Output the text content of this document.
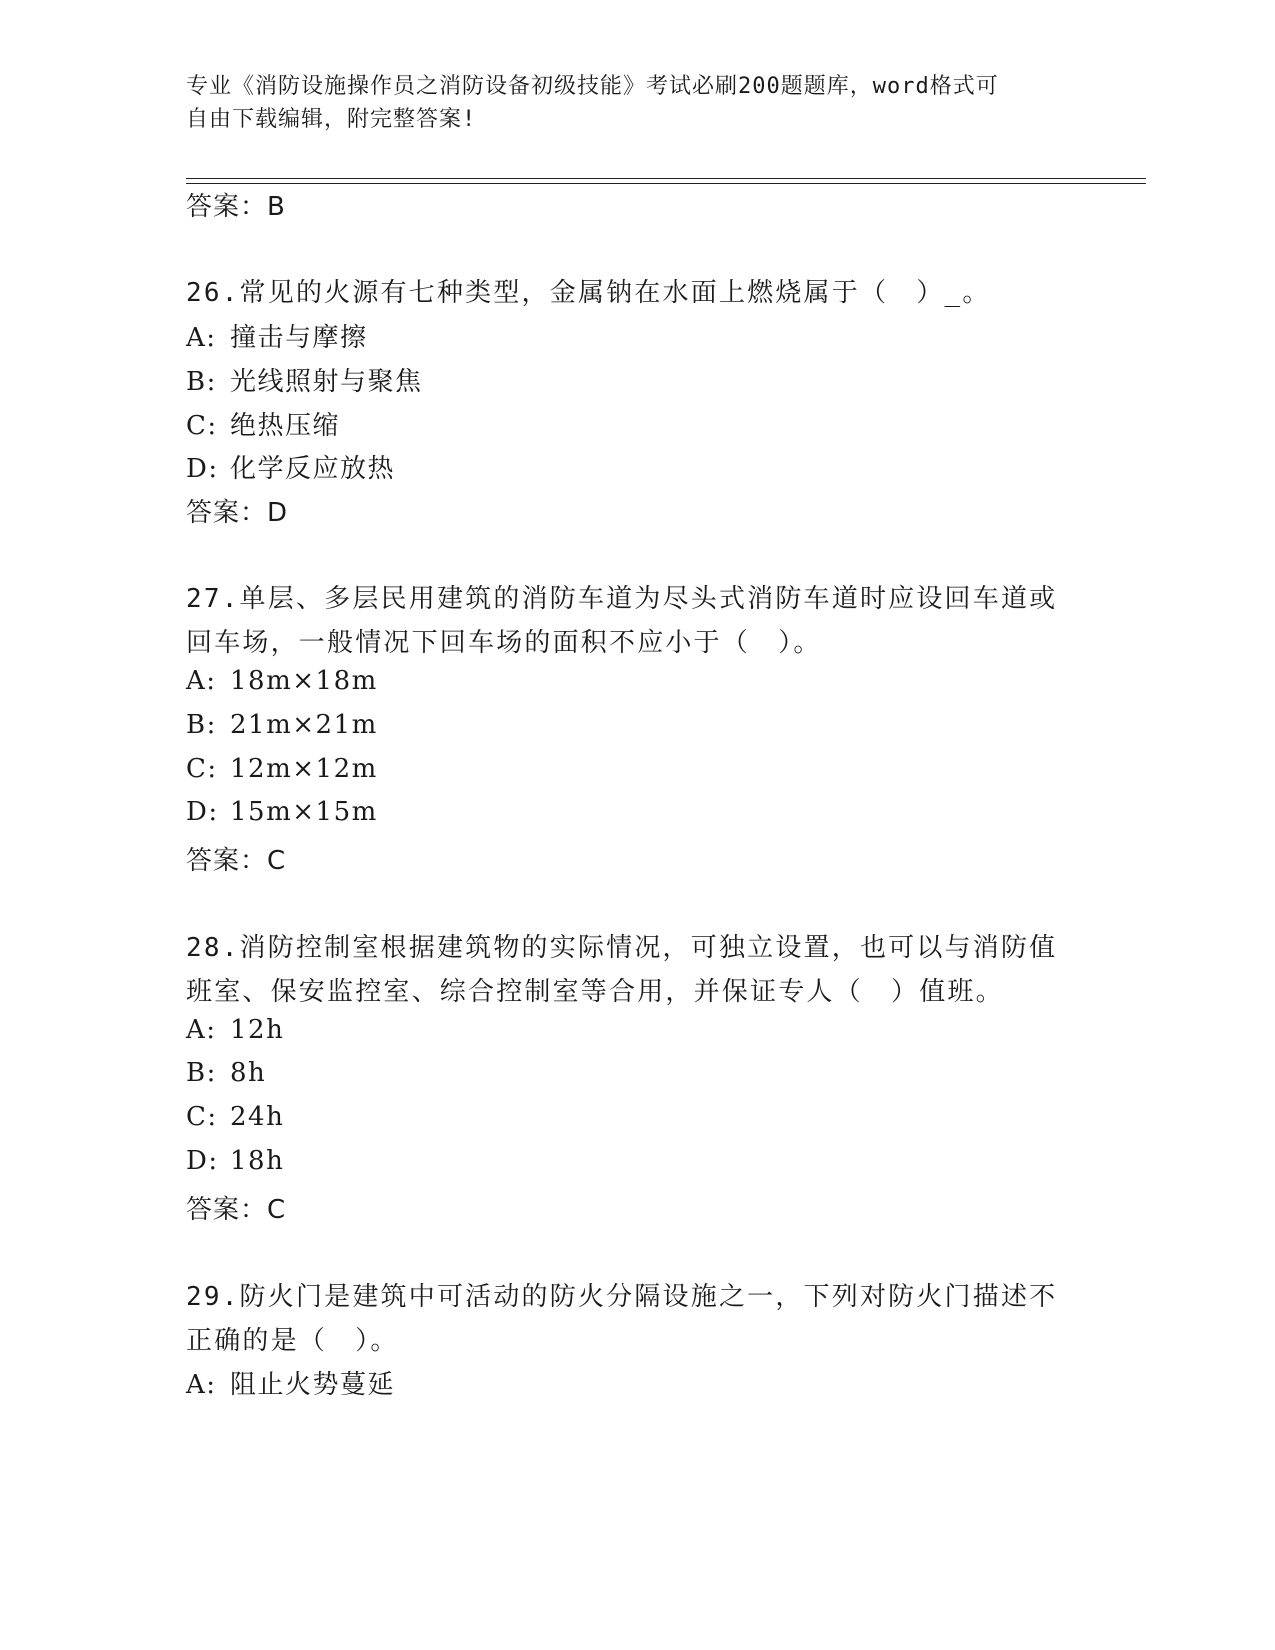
专业《消防设施操作员之消防设备初级技能》考试必刷200题题库，word格式可
自由下载编辑，附完整答案!
答案：B
26.常见的火源有七种类型，金属钠在水面上燃烧属于（　）_。
A: 撞击与摩擦
B: 光线照射与聚焦
C: 绝热压缩
D: 化学反应放热
答案：D
27.单层、多层民用建筑的消防车道为尽头式消防车道时应设回车道或
回车场，一般情况下回车场的面积不应小于（　）。
A: 18m×18m
B: 21m×21m
C: 12m×12m
D: 15m×15m
答案：C
28.消防控制室根据建筑物的实际情况，可独立设置，也可以与消防值
班室、保安监控室、综合控制室等合用，并保证专人（　）值班。
A: 12h
B: 8h
C: 24h
D: 18h
答案：C
29.防火门是建筑中可活动的防火分隔设施之一，下列对防火门描述不
正确的是（　）。
A: 阻止火势蔓延
